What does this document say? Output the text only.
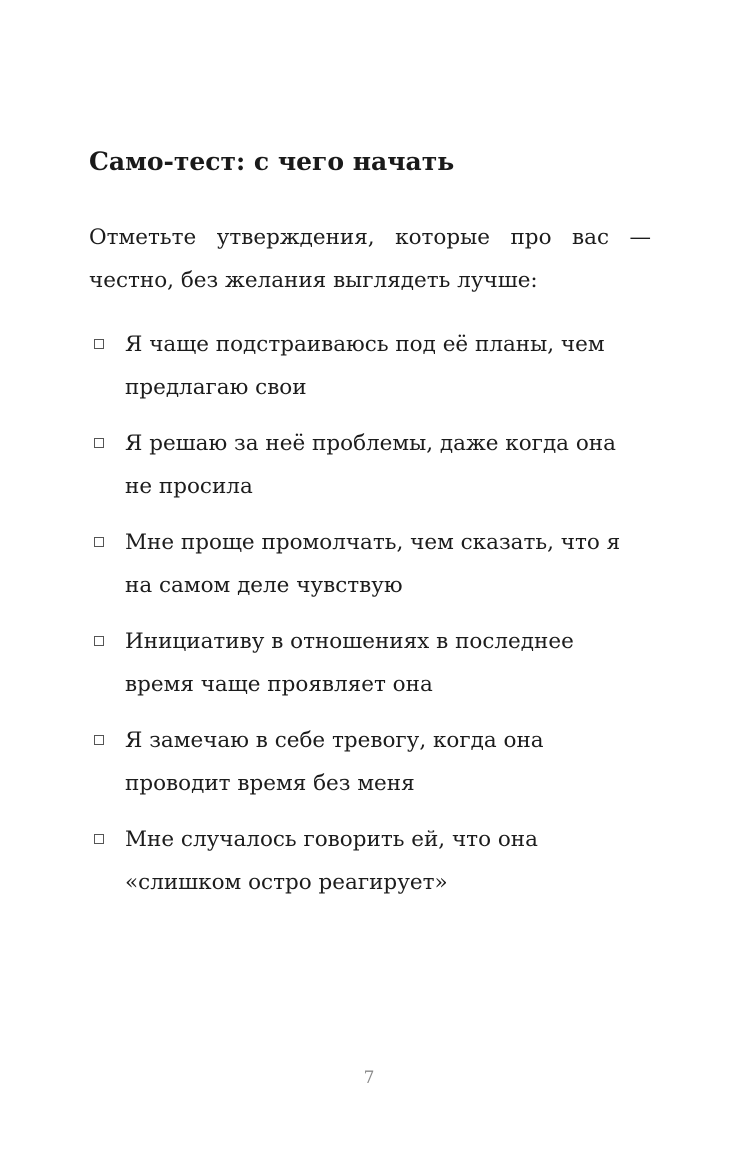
Само-тест: с чего начать

Отметьте утверждения, которые про вас — честно, без желания выглядеть лучше:

Я чаще подстраиваюсь под её планы, чем предлагаю свои
Я решаю за неё проблемы, даже когда она не просила
Мне проще промолчать, чем сказать, что я на самом деле чувствую
Инициативу в отношениях в последнее время чаще проявляет она
Я замечаю в себе тревогу, когда она проводит время без меня
Мне случалось говорить ей, что она «слишком остро реагирует»
7
